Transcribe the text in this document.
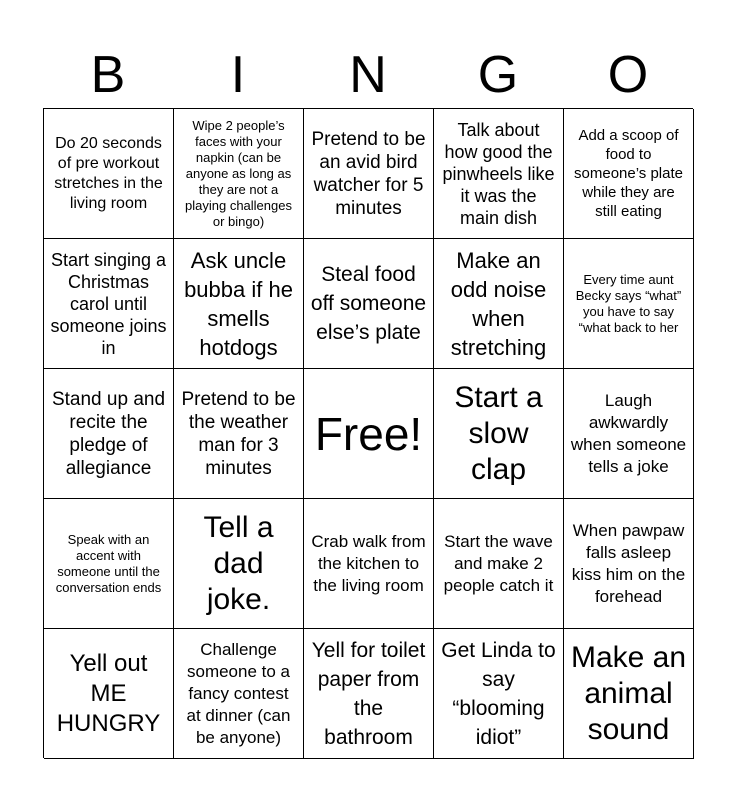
B	I	N	G	O
Do 20 seconds of pre workout stretches in the living room
Wipe 2 people’s faces with your napkin (can be anyone as long as they are not a playing challenges or bingo)
Pretend to be an avid bird watcher for 5 minutes
Talk about how good the pinwheels like it was the main dish
Add a scoop of food to someone’s plate while they are still eating
Start singing a Christmas carol until someone joins in
Ask uncle bubba if he smells hotdogs
Steal food off someone else’s plate
Make an odd noise when stretching
Every time aunt Becky says “what” you have to say “what back to her
Stand up and recite the pledge of allegiance
Pretend to be the weather man for 3 minutes
Free!
Start a slow clap
Laugh awkwardly when someone tells a joke
Speak with an accent with someone until the conversation ends
Tell a dad joke.
Crab walk from the kitchen to the living room
Start the wave and make 2 people catch it
When pawpaw falls asleep kiss him on the forehead
Yell out ME HUNGRY
Challenge someone to a fancy contest at dinner (can be anyone)
Yell for toilet paper from the bathroom
Get Linda to say “blooming idiot”
Make an animal sound
